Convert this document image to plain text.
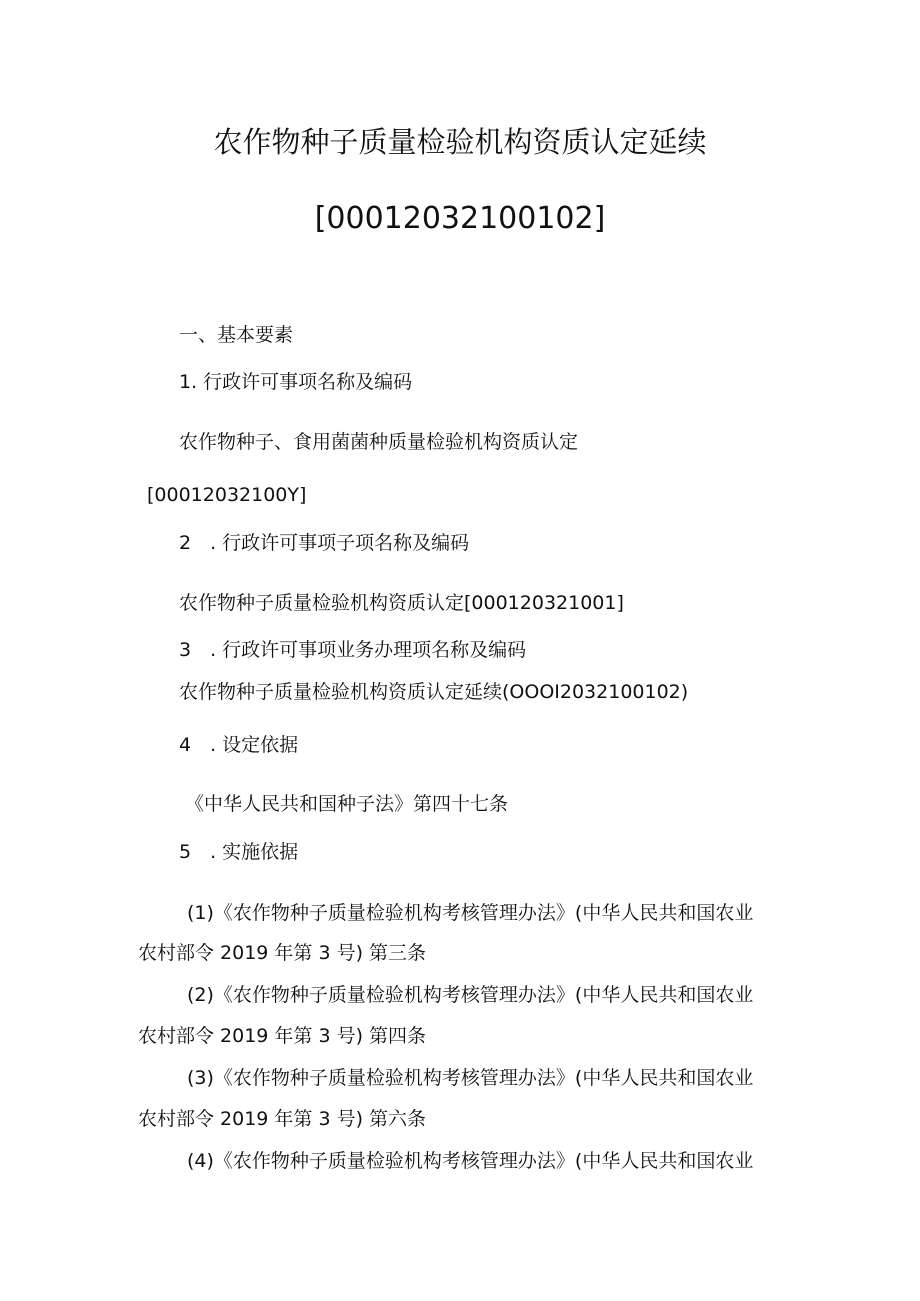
农作物种子质量检验机构资质认定延续
[00012032100102]
一、基本要素
1. 行政许可事项名称及编码
农作物种子、食用菌菌种质量检验机构资质认定
[00012032100Y]
2　. 行政许可事项子项名称及编码
农作物种子质量检验机构资质认定[000120321001]
3　. 行政许可事项业务办理项名称及编码
农作物种子质量检验机构资质认定延续(OOOI2032100102)
4　. 设定依据
《中华人民共和国种子法》第四十七条
5　. 实施依据
(1)《农作物种子质量检验机构考核管理办法》(中华人民共和国农业
农村部令 2019 年第 3 号) 第三条
(2)《农作物种子质量检验机构考核管理办法》(中华人民共和国农业
农村部令 2019 年第 3 号) 第四条
(3)《农作物种子质量检验机构考核管理办法》(中华人民共和国农业
农村部令 2019 年第 3 号) 第六条
(4)《农作物种子质量检验机构考核管理办法》(中华人民共和国农业
